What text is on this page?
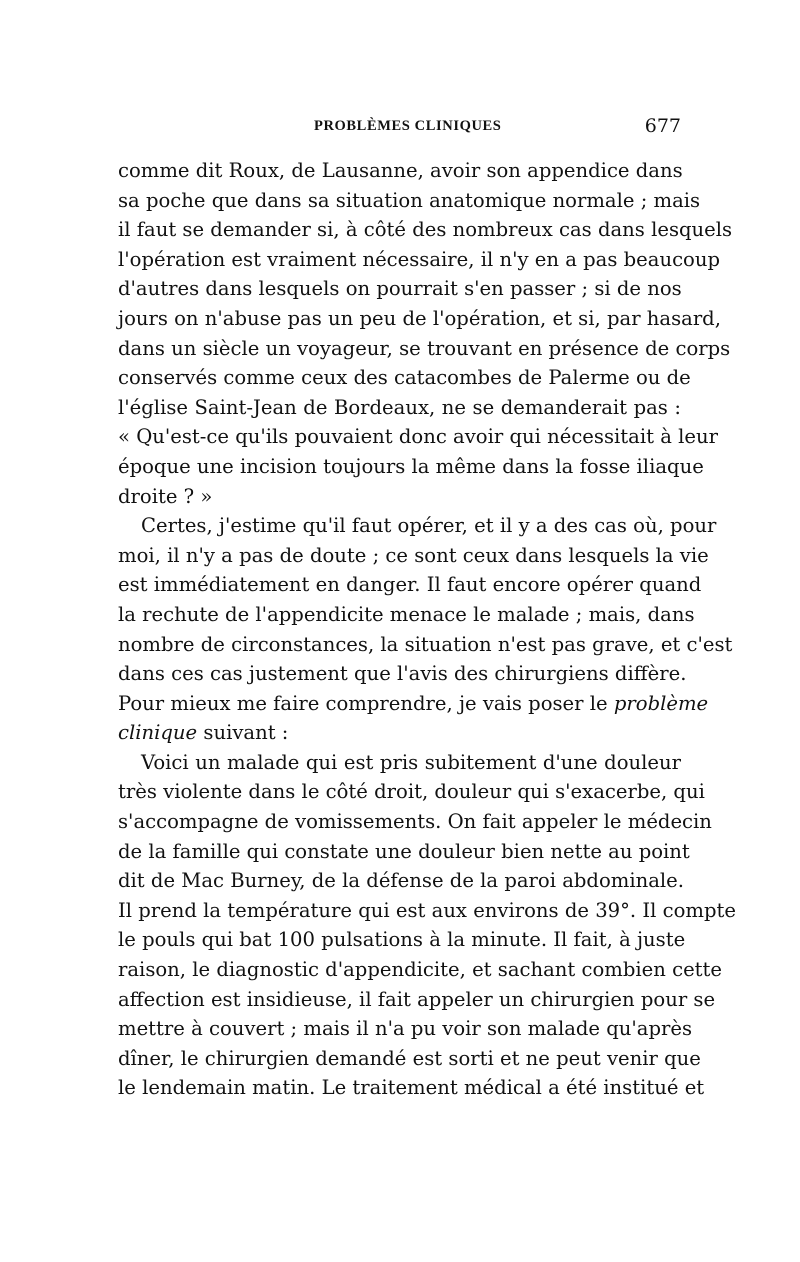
PROBLÈMES CLINIQUES	677
comme dit Roux, de Lausanne, avoir son appendice dans
sa poche que dans sa situation anatomique normale ; mais
il faut se demander si, à côté des nombreux cas dans lesquels
l'opération est vraiment nécessaire, il n'y en a pas beaucoup
d'autres dans lesquels on pourrait s'en passer ; si de nos
jours on n'abuse pas un peu de l'opération, et si, par hasard,
dans un siècle un voyageur, se trouvant en présence de corps
conservés comme ceux des catacombes de Palerme ou de
l'église Saint-Jean de Bordeaux, ne se demanderait pas :
« Qu'est-ce qu'ils pouvaient donc avoir qui nécessitait à leur
époque une incision toujours la même dans la fosse iliaque
droite ? »
Certes, j'estime qu'il faut opérer, et il y a des cas où, pour
moi, il n'y a pas de doute ; ce sont ceux dans lesquels la vie
est immédiatement en danger. Il faut encore opérer quand
la rechute de l'appendicite menace le malade ; mais, dans
nombre de circonstances, la situation n'est pas grave, et c'est
dans ces cas justement que l'avis des chirurgiens diffère.
Pour mieux me faire comprendre, je vais poser le problème
clinique suivant :
Voici un malade qui est pris subitement d'une douleur
très violente dans le côté droit, douleur qui s'exacerbe, qui
s'accompagne de vomissements. On fait appeler le médecin
de la famille qui constate une douleur bien nette au point
dit de Mac Burney, de la défense de la paroi abdominale.
Il prend la température qui est aux environs de 39°. Il compte
le pouls qui bat 100 pulsations à la minute. Il fait, à juste
raison, le diagnostic d'appendicite, et sachant combien cette
affection est insidieuse, il fait appeler un chirurgien pour se
mettre à couvert ; mais il n'a pu voir son malade qu'après
dîner, le chirurgien demandé est sorti et ne peut venir que
le lendemain matin. Le traitement médical a été institué et
